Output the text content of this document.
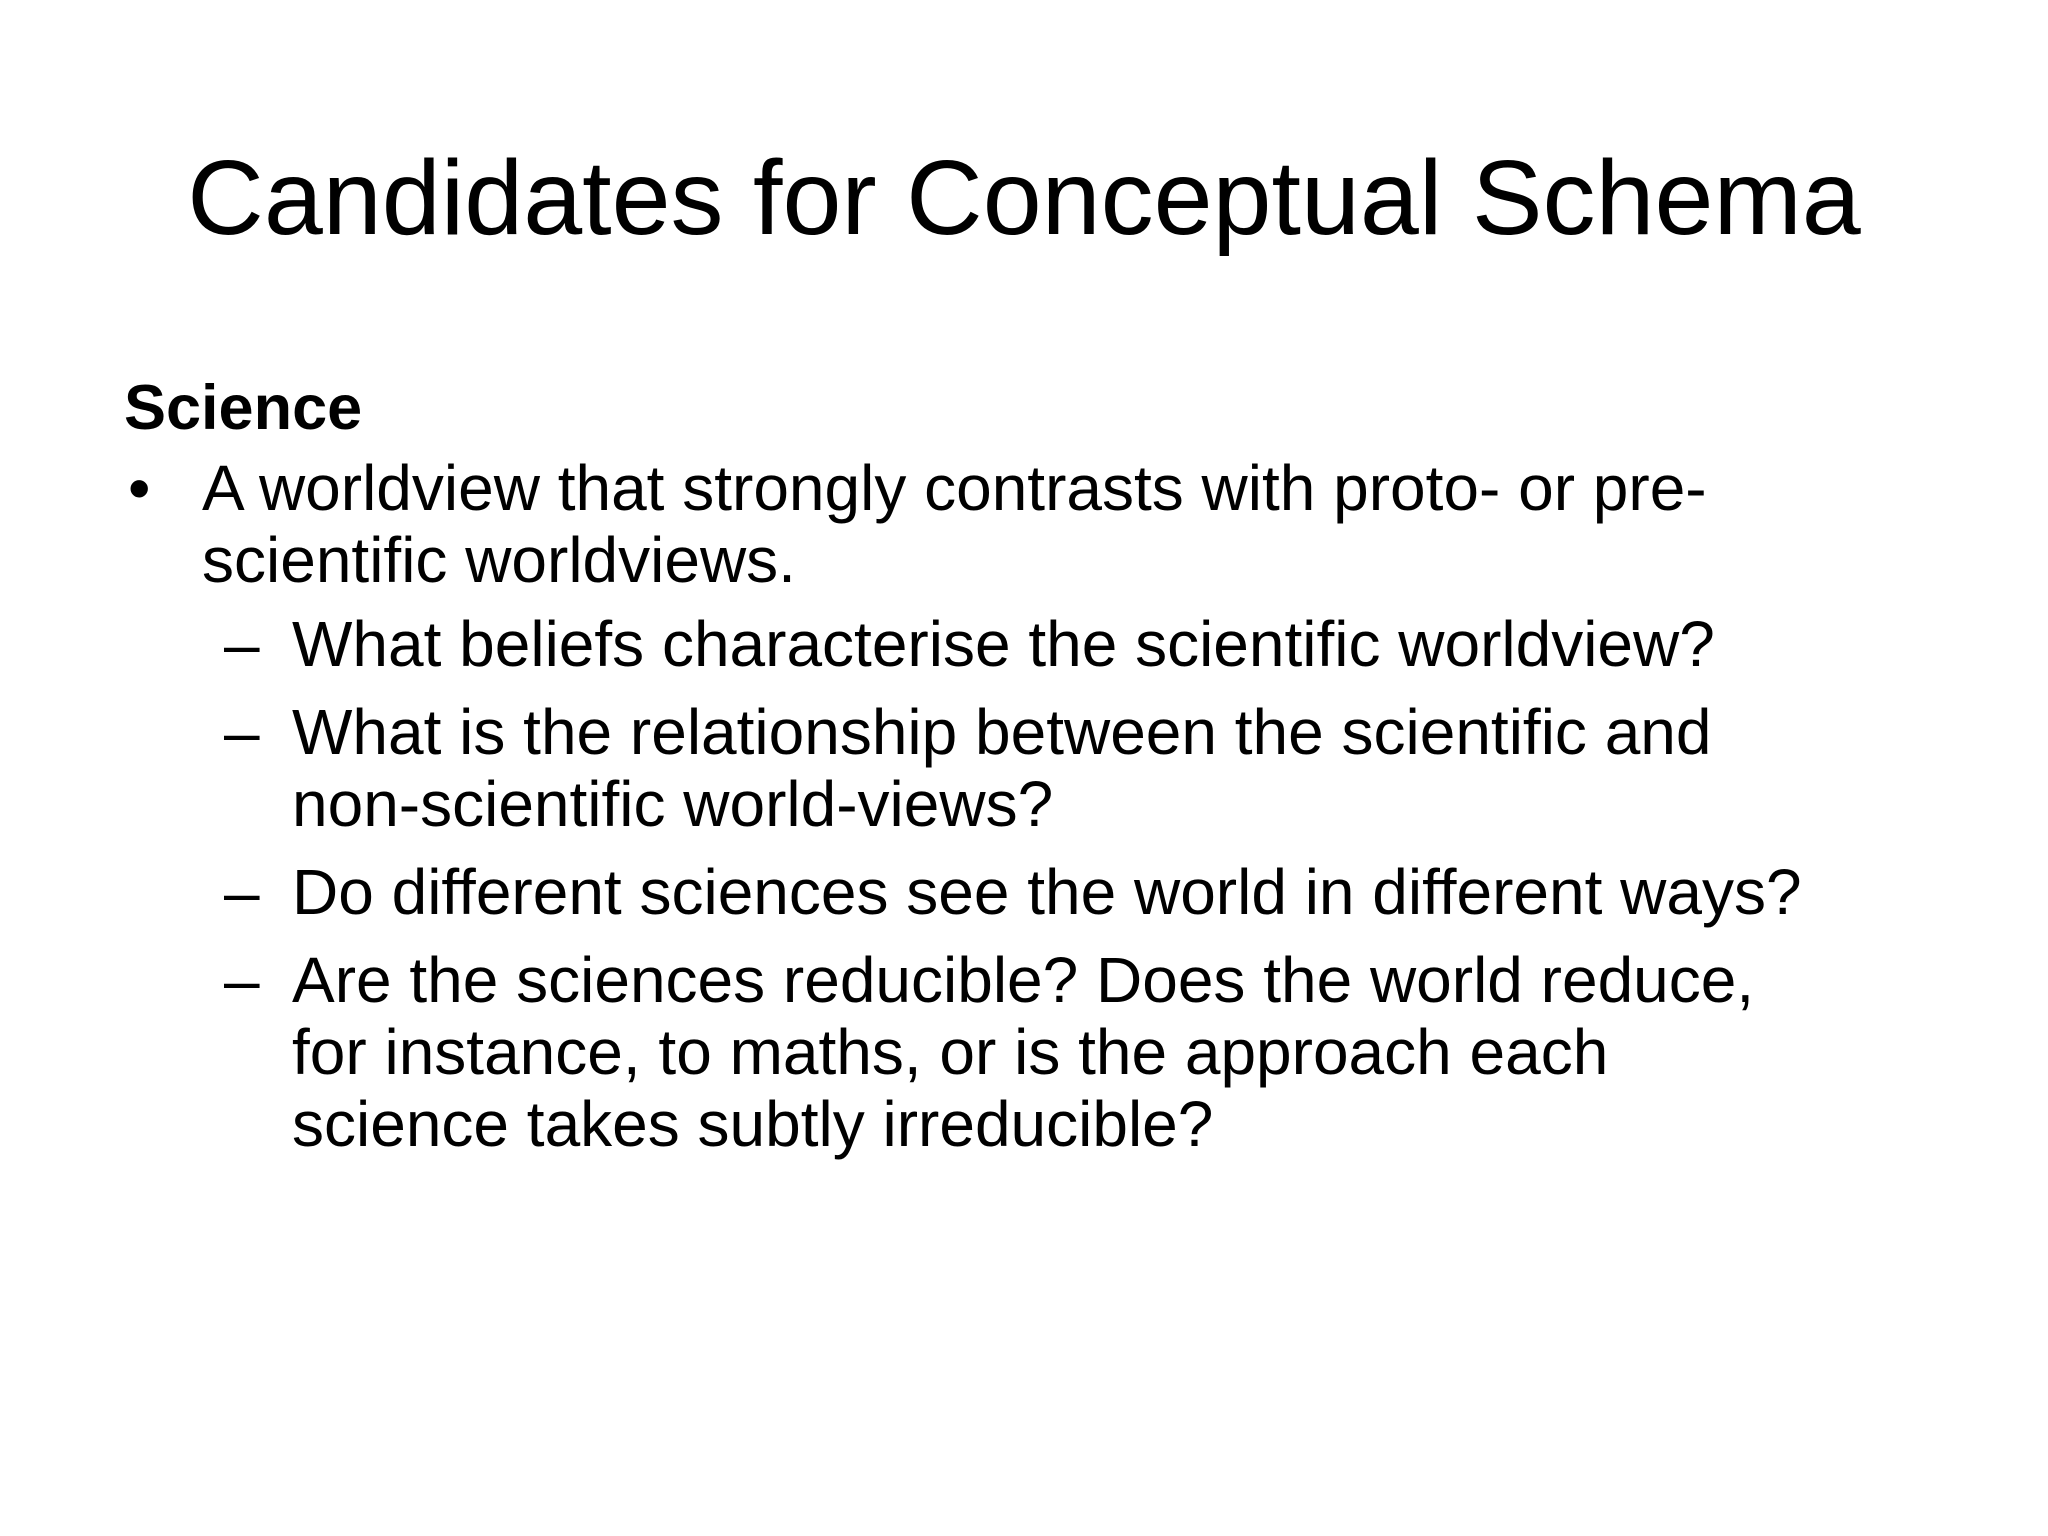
Candidates for Conceptual Schema
Science
• A worldview that strongly contrasts with proto- or pre-
scientific worldviews.
– What beliefs characterise the scientific worldview?
– What is the relationship between the scientific and
non-scientific world-views?
– Do different sciences see the world in different ways?
– Are the sciences reducible? Does the world reduce,
for instance, to maths, or is the approach each
science takes subtly irreducible?
